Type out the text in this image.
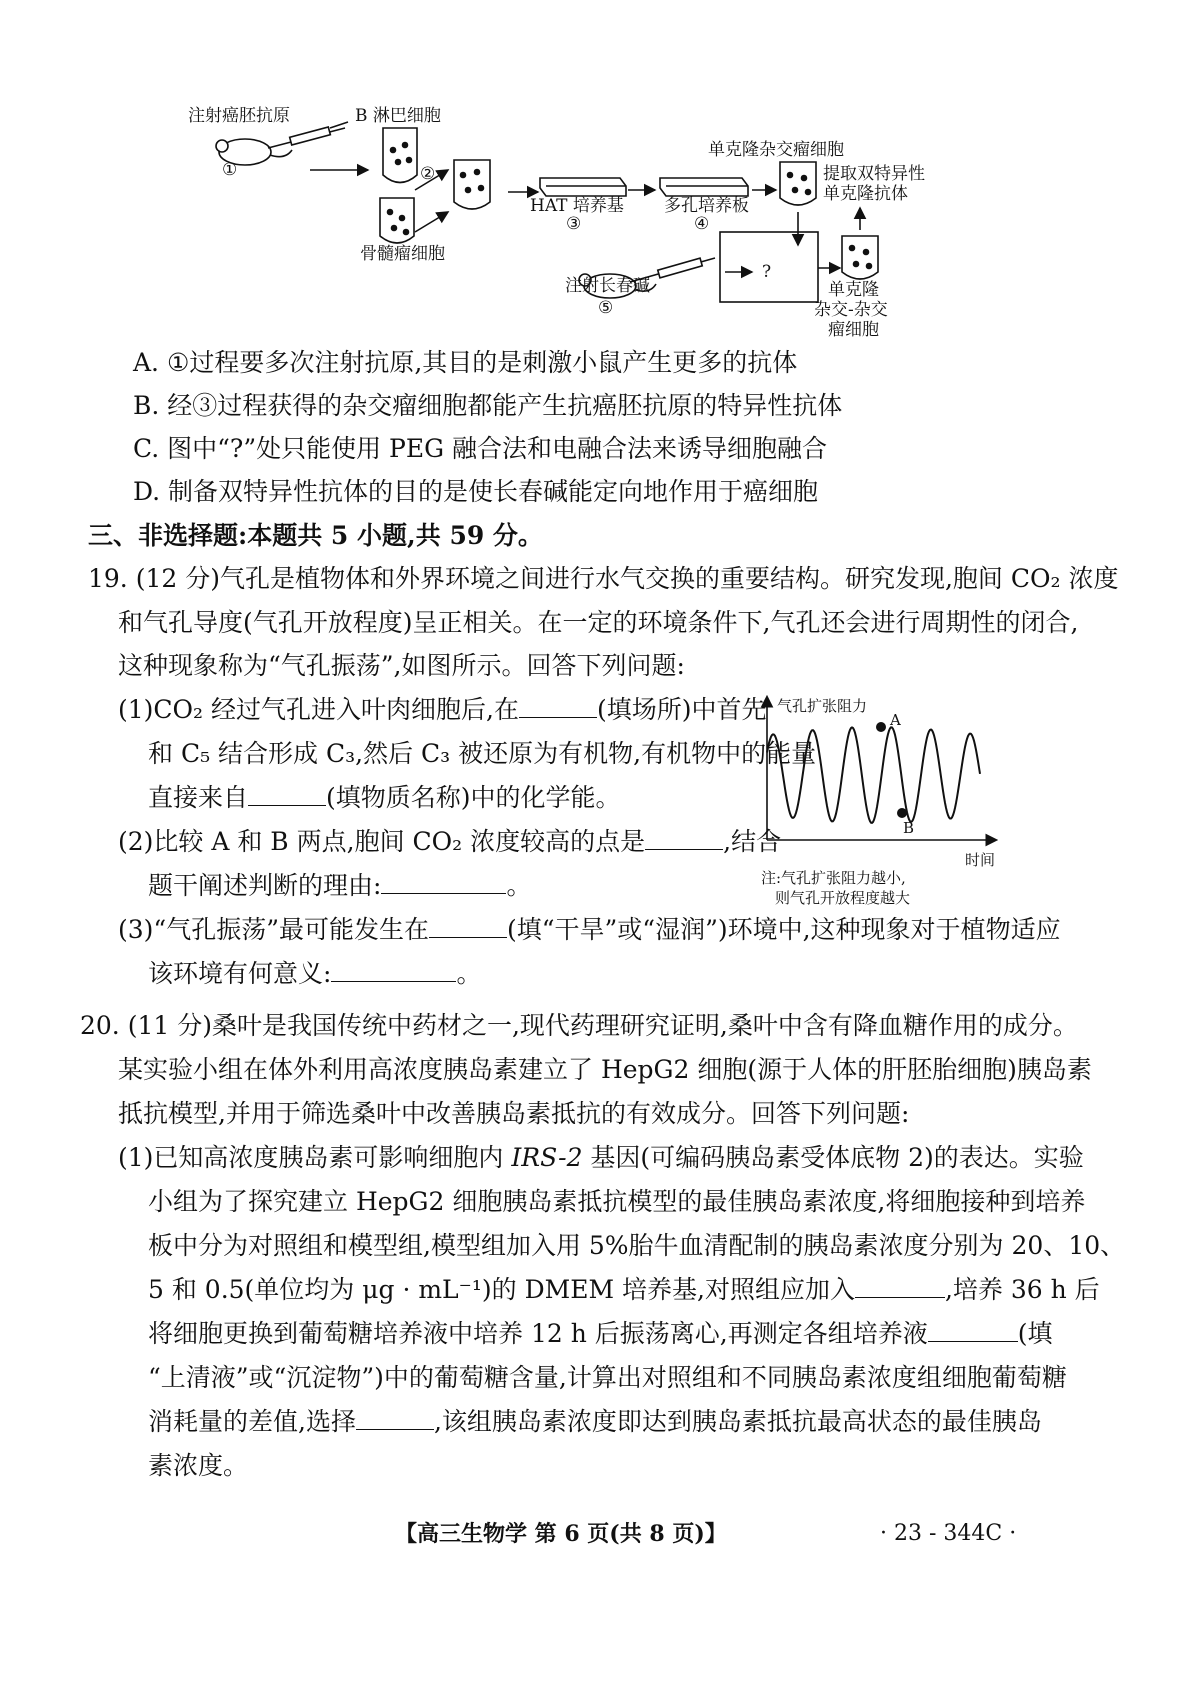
注射癌胚抗原
①
B 淋巴细胞
②
骨髓瘤细胞
HAT 培养基
③
多孔培养板
④
单克隆杂交瘤细胞
提取双特异性
单克隆抗体
注射长春碱
⑤
?
单克隆
杂交-杂交
瘤细胞
A. ①过程要多次注射抗原,其目的是刺激小鼠产生更多的抗体
B. 经③过程获得的杂交瘤细胞都能产生抗癌胚抗原的特异性抗体
C. 图中“?”处只能使用 PEG 融合法和电融合法来诱导细胞融合
D. 制备双特异性抗体的目的是使长春碱能定向地作用于癌细胞
三、非选择题:本题共 5 小题,共 59 分。
19. (12 分)气孔是植物体和外界环境之间进行水气交换的重要结构。研究发现,胞间 CO₂ 浓度
和气孔导度(气孔开放程度)呈正相关。在一定的环境条件下,气孔还会进行周期性的闭合,
这种现象称为“气孔振荡”,如图所示。回答下列问题:
(1)CO₂ 经过气孔进入叶肉细胞后,在	(填场所)中首先
和 C₅ 结合形成 C₃,然后 C₃ 被还原为有机物,有机物中的能量
直接来自	(填物质名称)中的化学能。
(2)比较 A 和 B 两点,胞间 CO₂ 浓度较高的点是	,结合
题干阐述判断的理由:	。
(3)“气孔振荡”最可能发生在	(填“干旱”或“湿润”)环境中,这种现象对于植物适应
该环境有何意义:	。
气孔扩张阻力
A
B
时间
注:气孔扩张阻力越小,
则气孔开放程度越大
20. (11 分)桑叶是我国传统中药材之一,现代药理研究证明,桑叶中含有降血糖作用的成分。
某实验小组在体外利用高浓度胰岛素建立了 HepG2 细胞(源于人体的肝胚胎细胞)胰岛素
抵抗模型,并用于筛选桑叶中改善胰岛素抵抗的有效成分。回答下列问题:
(1)已知高浓度胰岛素可影响细胞内 IRS-2 基因(可编码胰岛素受体底物 2)的表达。实验
小组为了探究建立 HepG2 细胞胰岛素抵抗模型的最佳胰岛素浓度,将细胞接种到培养
板中分为对照组和模型组,模型组加入用 5%胎牛血清配制的胰岛素浓度分别为 20、10、
5 和 0.5(单位均为 μg · mL⁻¹)的 DMEM 培养基,对照组应加入	,培养 36 h 后
将细胞更换到葡萄糖培养液中培养 12 h 后振荡离心,再测定各组培养液	(填
“上清液”或“沉淀物”)中的葡萄糖含量,计算出对照组和不同胰岛素浓度组细胞葡萄糖
消耗量的差值,选择	,该组胰岛素浓度即达到胰岛素抵抗最高状态的最佳胰岛
素浓度。
【高三生物学 第 6 页(共 8 页)】	· 23 - 344C ·
